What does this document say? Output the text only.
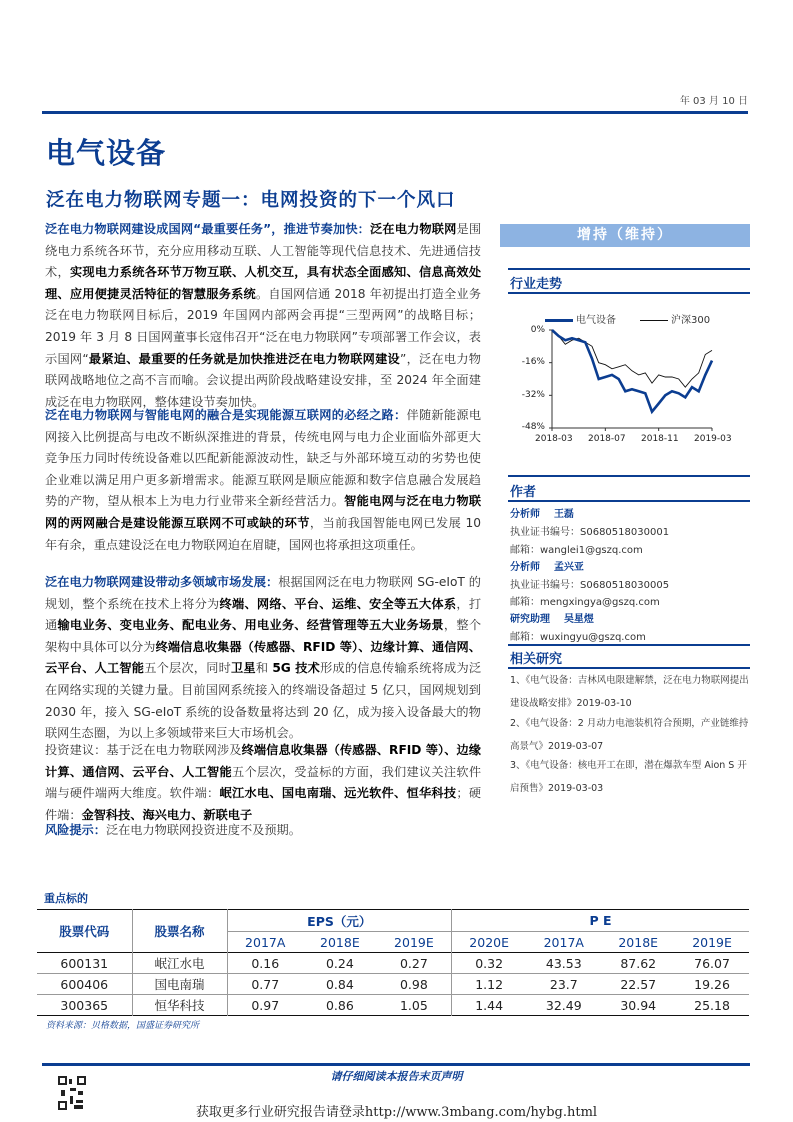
年 03 月 10 日
电气设备
泛在电力物联网专题一：电网投资的下一个风口
泛在电力物联网建设成国网“最重要任务”，推进节奏加快：泛在电力物联网是围绕电力系统各环节，充分应用移动互联、人工智能等现代信息技术、先进通信技术，实现电力系统各环节万物互联、人机交互，具有状态全面感知、信息高效处理、应用便捷灵活特征的智慧服务系统。自国网信通 2018 年初提出打造全业务泛在电力物联网目标后，2019 年国网内部两会再提“三型两网”的战略目标；2019 年 3 月 8 日国网董事长寇伟召开“泛在电力物联网”专项部署工作会议，表示国网“最紧迫、最重要的任务就是加快推进泛在电力物联网建设”，泛在电力物联网战略地位之高不言而喻。会议提出两阶段战略建设安排，至 2024 年全面建成泛在电力物联网，整体建设节奏加快。
泛在电力物联网与智能电网的融合是实现能源互联网的必经之路：伴随新能源电网接入比例提高与电改不断纵深推进的背景，传统电网与电力企业面临外部更大竞争压力同时传统设备难以匹配新能源波动性，缺乏与外部环境互动的劣势也使企业难以满足用户更多新增需求。能源互联网是顺应能源和数字信息融合发展趋势的产物，望从根本上为电力行业带来全新经营活力。智能电网与泛在电力物联网的两网融合是建设能源互联网不可或缺的环节，当前我国智能电网已发展 10 年有余，重点建设泛在电力物联网迫在眉睫，国网也将承担这项重任。
泛在电力物联网建设带动多领域市场发展：根据国网泛在电力物联网 SG-eIoT 的规划，整个系统在技术上将分为终端、网络、平台、运维、安全等五大体系，打通输电业务、变电业务、配电业务、用电业务、经营管理等五大业务场景，整个架构中具体可以分为终端信息收集器（传感器、RFID 等）、边缘计算、通信网、云平台、人工智能五个层次，同时卫星和 5G 技术形成的信息传输系统将成为泛在网络实现的关键力量。目前国网系统接入的终端设备超过 5 亿只，国网规划到 2030 年，接入 SG-eIoT 系统的设备数量将达到 20 亿，成为接入设备最大的物联网生态圈，为以上多领域带来巨大市场机会。
投资建议：基于泛在电力物联网涉及终端信息收集器（传感器、RFID 等）、边缘计算、通信网、云平台、人工智能五个层次，受益标的方面，我们建议关注软件端与硬件端两大维度。软件端：岷江水电、国电南瑞、远光软件、恒华科技；硬件端：金智科技、海兴电力、新联电子
风险提示：泛在电力物联网投资进度不及预期。
增持（维持）
行业走势
电气设备	沪深300
0%
-16%
-32%
-48%
2018-03 2018-07 2018-11 2019-03
作者
分析师 王磊
执业证书编号：S0680518030001
邮箱：wanglei1@gszq.com
分析师 孟兴亚
执业证书编号：S0680518030005
邮箱：mengxingya@gszq.com
研究助理 吴星煜
邮箱：wuxingyu@gszq.com
相关研究
1、《电气设备：吉林风电限建解禁，泛在电力物联网提出建设战略安排》2019-03-10
2、《电气设备：2 月动力电池装机符合预期，产业链维持高景气》2019-03-07
3、《电气设备：核电开工在即，潜在爆款车型 Aion S 开启预售》2019-03-03
重点标的
股票代码	股票名称	EPS（元）			P E			
		2017A	2018E	2019E	2020E	2017A	2018E	2019E
600131	岷江水电	0.16	0.24	0.27	0.32	43.53	87.62	76.07
600406	国电南瑞	0.77	0.84	0.98	1.12	23.7	22.57	19.26
300365	恒华科技	0.97	0.86	1.05	1.44	32.49	30.94	25.18
资料来源：贝格数据，国盛证券研究所
请仔细阅读本报告末页声明
获取更多行业研究报告请登录http://www.3mbang.com/hybg.html
